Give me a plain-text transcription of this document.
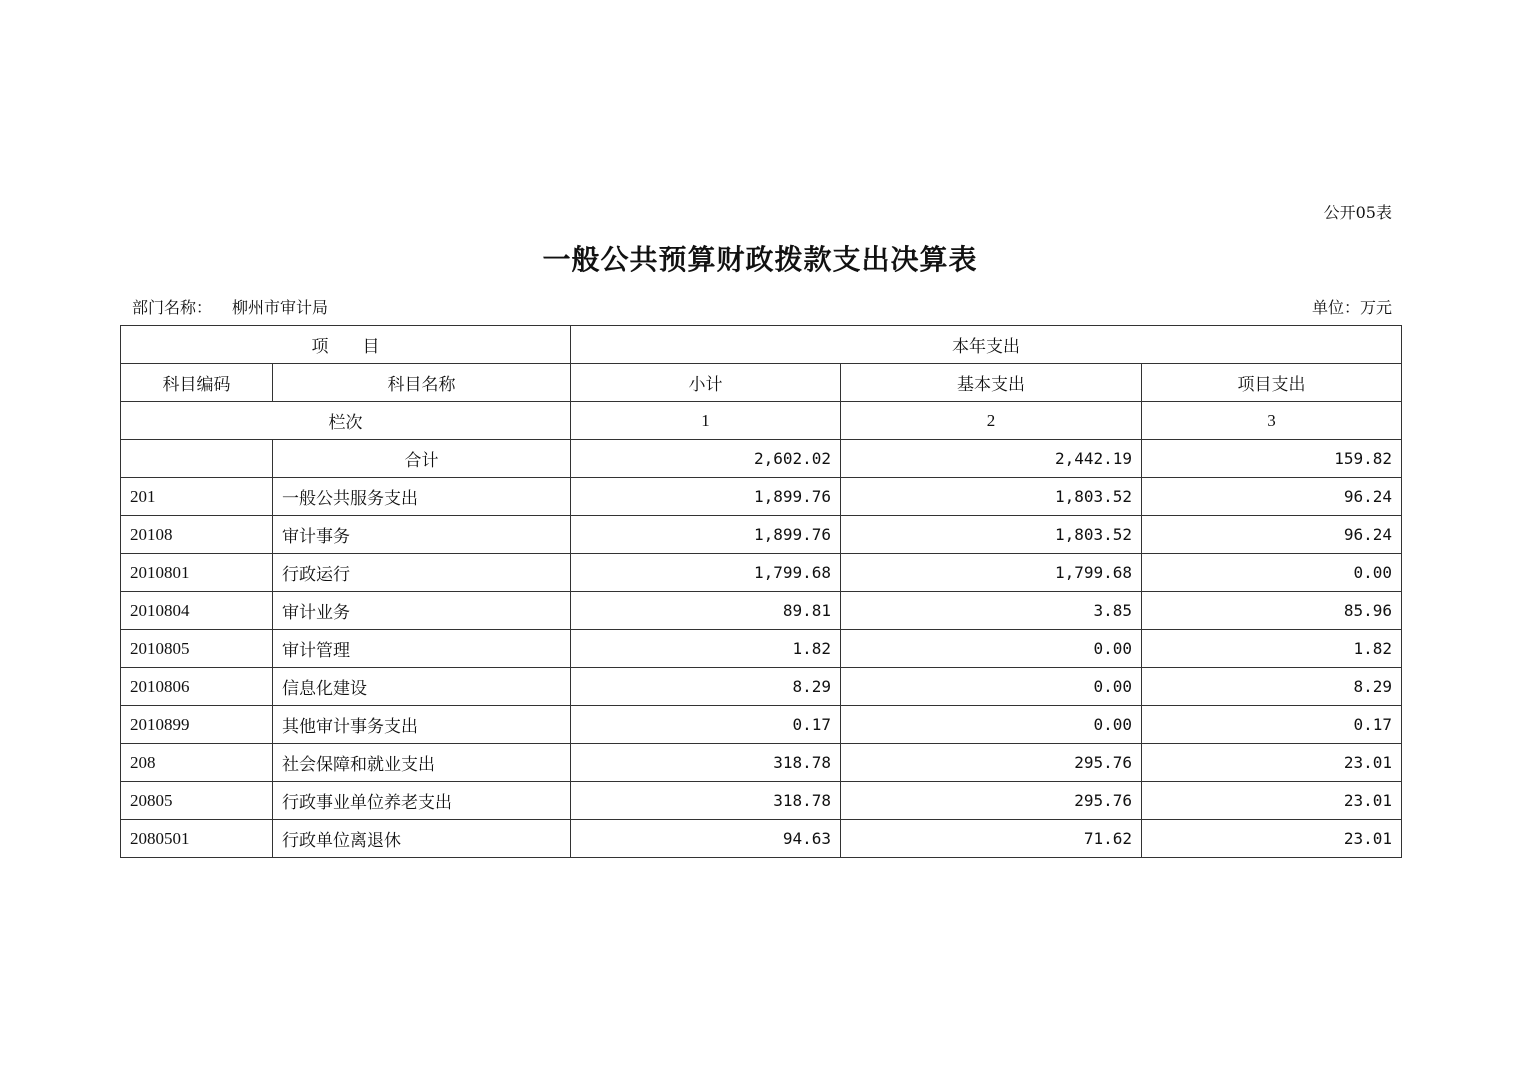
公开05表
一般公共预算财政拨款支出决算表
部门名称： 柳州市审计局	单位：万元
项　　目		本年支出		
科目编码	科目名称	小计	基本支出	项目支出
栏次		1	2	3
	合计	2,602.02	2,442.19	159.82
201	一般公共服务支出	1,899.76	1,803.52	96.24
20108	审计事务	1,899.76	1,803.52	96.24
2010801	行政运行	1,799.68	1,799.68	0.00
2010804	审计业务	89.81	3.85	85.96
2010805	审计管理	1.82	0.00	1.82
2010806	信息化建设	8.29	0.00	8.29
2010899	其他审计事务支出	0.17	0.00	0.17
208	社会保障和就业支出	318.78	295.76	23.01
20805	行政事业单位养老支出	318.78	295.76	23.01
2080501	行政单位离退休	94.63	71.62	23.01
